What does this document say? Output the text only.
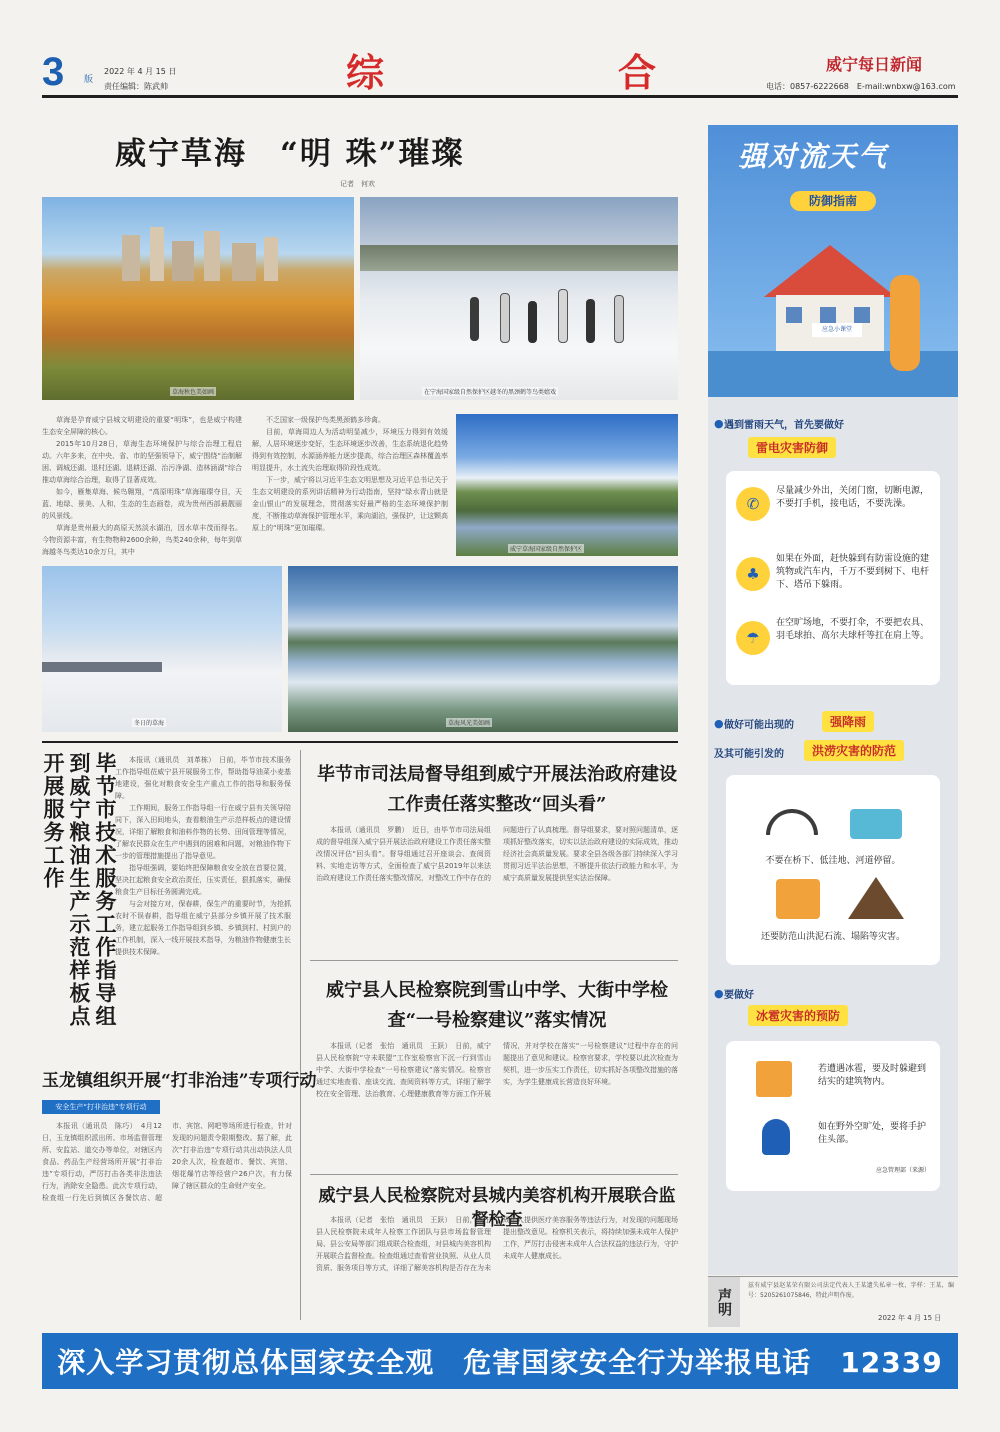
3 版
2022 年 4 月 15 日
责任编辑：陈武帅	综	合	威宁每日新闻
电话：0857-6222668　E-mail:wnbxw@163.com
威宁草海　“明 珠”璀璨
记者　何欢
草海秋色美如画	在宁海国家级自然保护区越冬的黑颈鹤等鸟类嬉戏

草海是孕育威宁县城文明建设的重要“明珠”，也是威宁构建生态安全屏障的核心。

2015年10月28日，草海生态环境保护与综合治理工程启动。六年多来，在中央、省、市的坚强领导下，威宁围绕“治制解困、调城还湖、退村还湖、退耕还湖、治污净湖、造林涵湖”综合推动草海综合治理，取得了显著成效。

如今，雁集草海、候鸟翱翔，“高原明珠”草海璀璨夺目，天蓝、地绿、景美、人和，生态的生态画卷，成为贵州西部最靓丽的风景线。

草海是贵州最大的高原天然淡水湖泊，因水草丰茂而得名。今物资源丰富，有生物物种2600余种，鸟类240余种，每年到草海越冬鸟类达10余万只，其中

不乏国家一级保护鸟类黑颈鹤多珍禽。

目前，草海周边人为活动明显减少，环境压力得到有效缓解，人居环境逐步变好，生态环境逐步改善，生态系统退化趋势得到有效控制，水源涵养能力逐步提高，综合治理区森林覆盖率明显提升，水土流失治理取得阶段性成效。

下一步，威宁将以习近平生态文明思想及习近平总书记关于生态文明建设的系列讲话精神为行动指南，坚持“绿水青山就是金山银山”的发展理念，贯彻落实好最严格的生态环境保护制度，不断推动草海保护管理水平，乘向湖泊，强保护，让这颗高原上的“明珠”更加璀璨。

威宁草海国家级自然保护区
冬日的草海	草海风光美如画
毕节市技术服务工作指导组到威宁粮油生产示范样板点开展服务工作	本报讯（通讯员　刘革栋）　日前，毕节市技术服务工作指导组莅威宁县开展服务工作，帮助指导油菜小麦基地建设，强化对粮食安全生产重点工作的指导和服务保障。

工作期间，服务工作指导组一行在威宁县有关领导陪同下，深入田间地头，查看粮油生产示范样板点的建设情况，详细了解粮食和油料作物的长势、田间管理等情况，了解农民群众在生产中遇到的困难和问题，对粮油作物下一步的管理措施提出了指导意见。

指导组强调，要始终把保障粮食安全放在首要位置，坚决扛起粮食安全政治责任，压实责任，狠抓落实，确保粮食生产目标任务圆满完成。

与会对接方对，保春耕，保生产的重要时节，为抢抓农时不误春耕，指导组在威宁县部分乡镇开展了技术服务，建立起服务工作指导组到乡镇、乡镇到村、村到户的工作机制，深入一线开展技术指导，为粮油作物健康生长提供技术保障。

玉龙镇组织开展“打非治违”专项行动
安全生产“打非治违”专项行动

本报讯（通讯员　陈巧）　4月12日，玉龙镇组织派出所、市场监督管理所、安监站、道交办等单位，对辖区内食品、药品生产经营场所开展“打非治违”专项行动，严厉打击各类非法违法行为，消除安全隐患。此次专项行动，检查组一行先后到镇区各餐饮店、超市、宾馆、网吧等场所进行检查，针对发现的问题责令限期整改。据了解，此次“打非治违”专项行动共出动执法人员20余人次，检查超市、餐饮、宾馆、烟花爆竹店等经营户26户次，有力保障了辖区群众的生命财产安全。

毕节市司法局督导组到威宁开展法治政府建设工作责任落实整改“回头看”

本报讯（通讯员　罗鹏）　近日，由毕节市司法局组成的督导组深入威宁县开展法治政府建设工作责任落实整改情况评估“回头看”。督导组通过召开座谈会、查阅资料、实地走访等方式，全面检查了威宁县2019年以来法治政府建设工作责任落实整改情况，对整改工作中存在的问题进行了认真梳理。督导组要求，要对照问题清单，逐项抓好整改落实，切实以法治政府建设的实际成效，推动经济社会高质量发展。要求全县各级各部门持续深入学习贯彻习近平法治思想，不断提升依法行政能力和水平，为威宁高质量发展提供坚实法治保障。

威宁县人民检察院到雪山中学、大街中学检查“一号检察建议”落实情况

本报讯（记者　张怡　通讯员　王跃）　日前，威宁县人民检察院“守未联盟”工作室检察官下沉一行到雪山中学、大街中学检查“一号检察建议”落实情况。检察官通过实地查看、座谈交流、查阅资料等方式，详细了解学校在安全管理、法治教育、心理健康教育等方面工作开展情况，并对学校在落实“一号检察建议”过程中存在的问题提出了意见和建议。检察官要求，学校要以此次检查为契机，进一步压实工作责任，切实抓好各项整改措施的落实，为学生健康成长营造良好环境。

威宁县人民检察院对县城内美容机构开展联合监督检查

本报讯（记者　张怡　通讯员　王跃）　日前，威宁县人民检察院未成年人检察工作团队与县市场监督管理局、县公安局等部门组成联合检查组，对县城内美容机构开展联合监督检查。检查组通过查看营业执照、从业人员资质、服务项目等方式，详细了解美容机构是否存在为未成年人提供医疗美容服务等违法行为，对发现的问题现场提出整改意见。检察机关表示，将持续加强未成年人保护工作，严厉打击侵害未成年人合法权益的违法行为，守护未成年人健康成长。

强对流天气
防御指南
应急小课堂
● 遇到雷雨天气，首先要做好
雷电灾害防御
✆
尽量减少外出，关闭门窗，切断电源，不要打手机，接电话，不要洗澡。
♣
如果在外面，赶快躲到有防雷设施的建筑物或汽车内，千万不要到树下、电杆下、塔吊下躲雨。
☂
在空旷场地，不要打伞，不要把农具、羽毛球拍、高尔夫球杆等扛在肩上等。
● 做好可能出现的	强降雨
及其可能引发的	洪涝灾害的防范
不要在桥下、低洼地、河道停留。
还要防范山洪泥石流、塌陷等灾害。
● 要做好
冰雹灾害的预防
若遭遇冰雹，要及时躲避到结实的建筑物内。
如在野外空旷处，要将手护住头部。
应急管理部（来源）
声明
兹有威宁县赵某荣有限公司法定代表人王某遗失私章一枚，字样：王某，编号：5205261075846，特此声明作废。
2022 年 4 月 15 日
深入学习贯彻总体国家安全观　危害国家安全行为举报电话　12339
